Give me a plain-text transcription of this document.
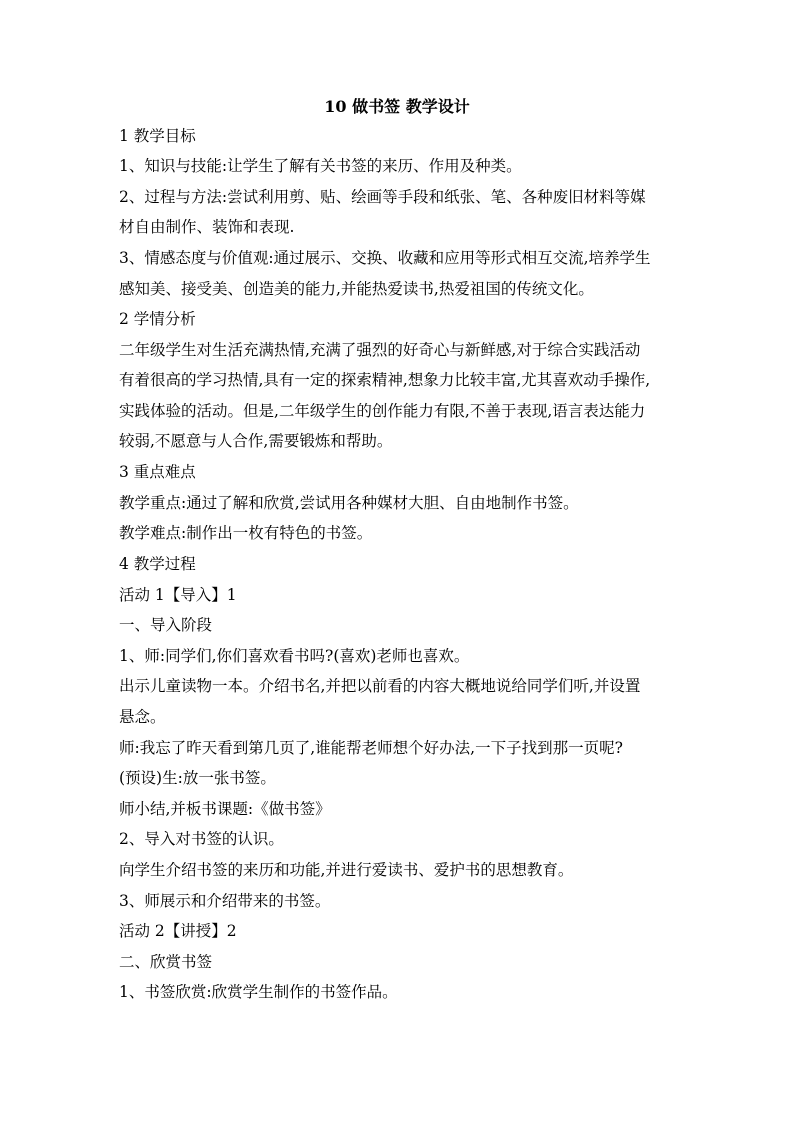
10 做书签 教学设计
1 教学目标
1、知识与技能:让学生了解有关书签的来历、作用及种类。
2、过程与方法:尝试利用剪、贴、绘画等手段和纸张、笔、各种废旧材料等媒
材自由制作、装饰和表现.
3、情感态度与价值观:通过展示、交换、收藏和应用等形式相互交流,培养学生
感知美、接受美、创造美的能力,并能热爱读书,热爱祖国的传统文化。
2 学情分析
二年级学生对生活充满热情,充满了强烈的好奇心与新鲜感,对于综合实践活动
有着很高的学习热情,具有一定的探索精神,想象力比较丰富,尤其喜欢动手操作,
实践体验的活动。但是,二年级学生的创作能力有限,不善于表现,语言表达能力
较弱,不愿意与人合作,需要锻炼和帮助。
3 重点难点
教学重点:通过了解和欣赏,尝试用各种媒材大胆、自由地制作书签。
教学难点:制作出一枚有特色的书签。
4 教学过程
活动 1【导入】1
一、导入阶段
1、师:同学们,你们喜欢看书吗?(喜欢)老师也喜欢。
出示儿童读物一本。介绍书名,并把以前看的内容大概地说给同学们听,并设置
悬念。
师:我忘了昨天看到第几页了,谁能帮老师想个好办法,一下子找到那一页呢?
(预设)生:放一张书签。
师小结,并板书课题:《做书签》
2、导入对书签的认识。
向学生介绍书签的来历和功能,并进行爱读书、爱护书的思想教育。
3、师展示和介绍带来的书签。
活动 2【讲授】2
二、欣赏书签
1、书签欣赏:欣赏学生制作的书签作品。
